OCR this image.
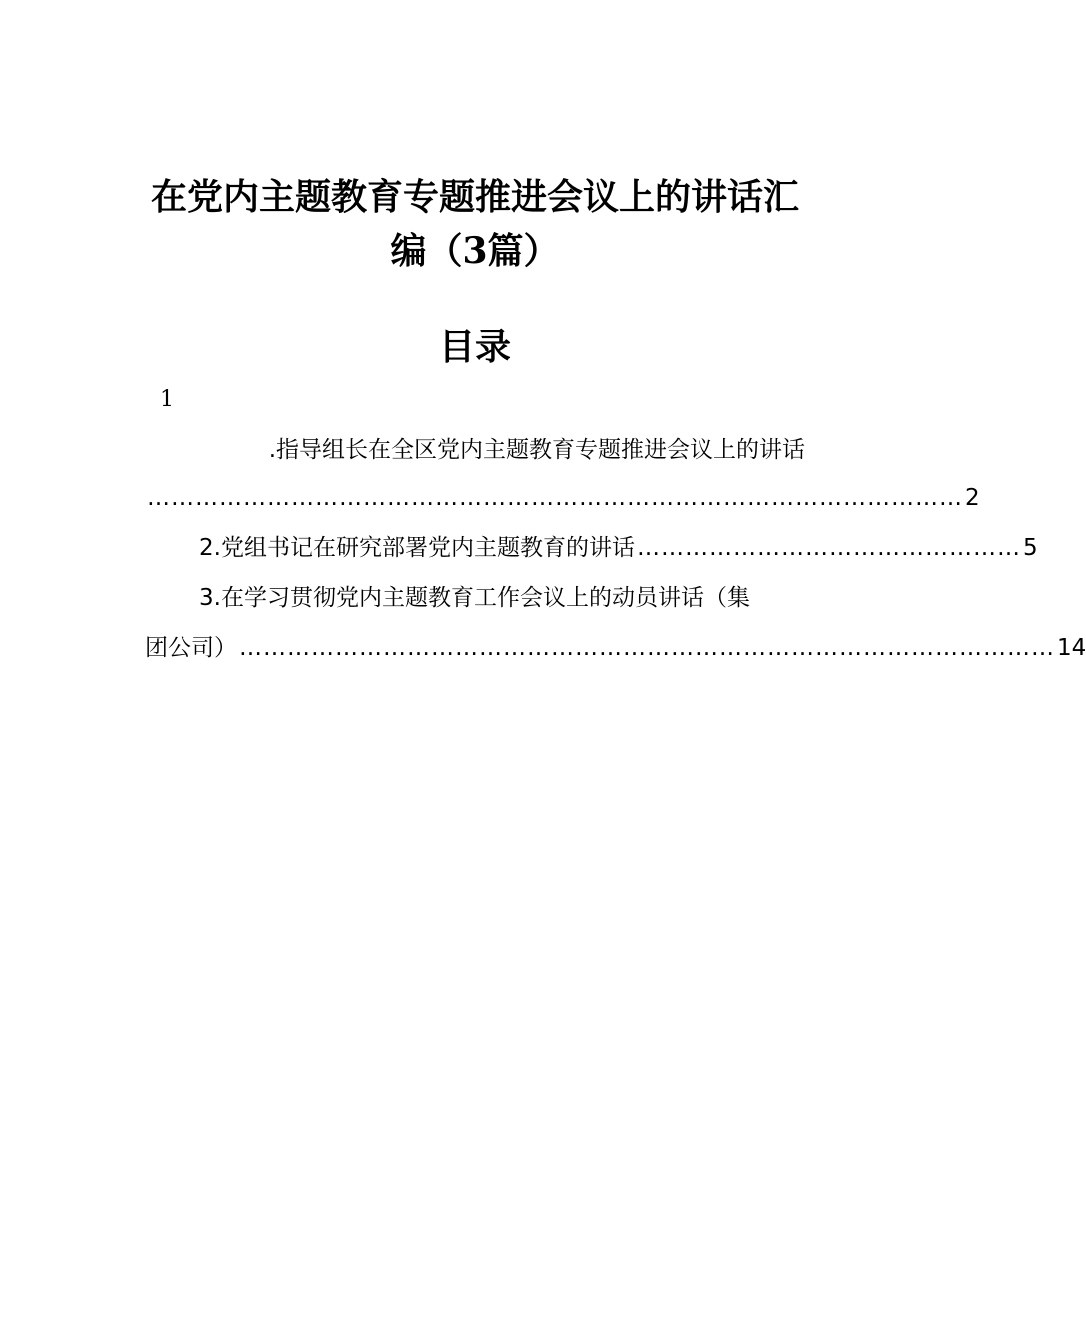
在党内主题教育专题推进会议上的讲话汇
编（3篇）
目录
1
.指导组长在全区党内主题教育专题推进会议上的讲话
………………………………………………………………………………………… 2
2.党组书记在研究部署党内主题教育的讲话 ………………………………………… 5
3.在学习贯彻党内主题教育工作会议上的动员讲话（集
团公司） ………………………………………………………………………………………… 14
